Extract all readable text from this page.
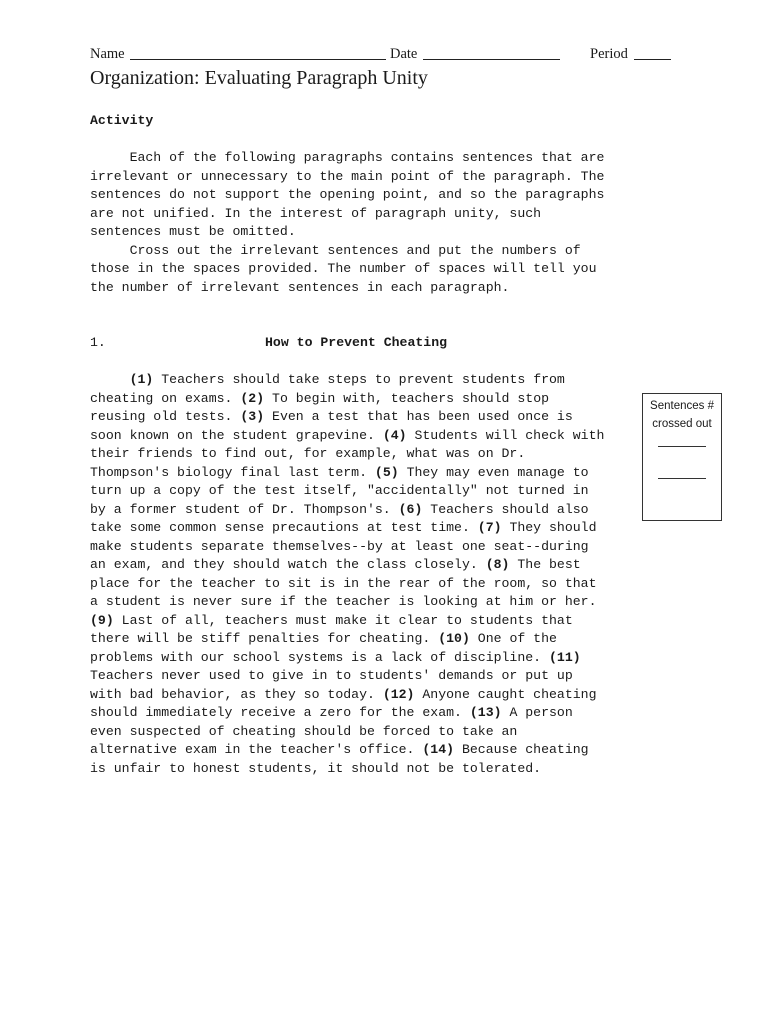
Name	Date	Period
Organization: Evaluating Paragraph Unity
Activity
Each of the following paragraphs contains sentences that are
irrelevant or unnecessary to the main point of the paragraph. The
sentences do not support the opening point, and so the paragraphs
are not unified. In the interest of paragraph unity, such
sentences must be omitted.
Cross out the irrelevant sentences and put the numbers of
those in the spaces provided. The number of spaces will tell you
the number of irrelevant sentences in each paragraph.
1.	How to Prevent Cheating
(1) Teachers should take steps to prevent students from
cheating on exams. (2) To begin with, teachers should stop
reusing old tests. (3) Even a test that has been used once is
soon known on the student grapevine. (4) Students will check with
their friends to find out, for example, what was on Dr.
Thompson's biology final last term. (5) They may even manage to
turn up a copy of the test itself, "accidentally" not turned in
by a former student of Dr. Thompson's. (6) Teachers should also
take some common sense precautions at test time. (7) They should
make students separate themselves--by at least one seat--during
an exam, and they should watch the class closely. (8) The best
place for the teacher to sit is in the rear of the room, so that
a student is never sure if the teacher is looking at him or her.
(9) Last of all, teachers must make it clear to students that
there will be stiff penalties for cheating. (10) One of the
problems with our school systems is a lack of discipline. (11)
Teachers never used to give in to students' demands or put up
with bad behavior, as they so today. (12) Anyone caught cheating
should immediately receive a zero for the exam. (13) A person
even suspected of cheating should be forced to take an
alternative exam in the teacher's office. (14) Because cheating
is unfair to honest students, it should not be tolerated.
Sentences #
crossed out
